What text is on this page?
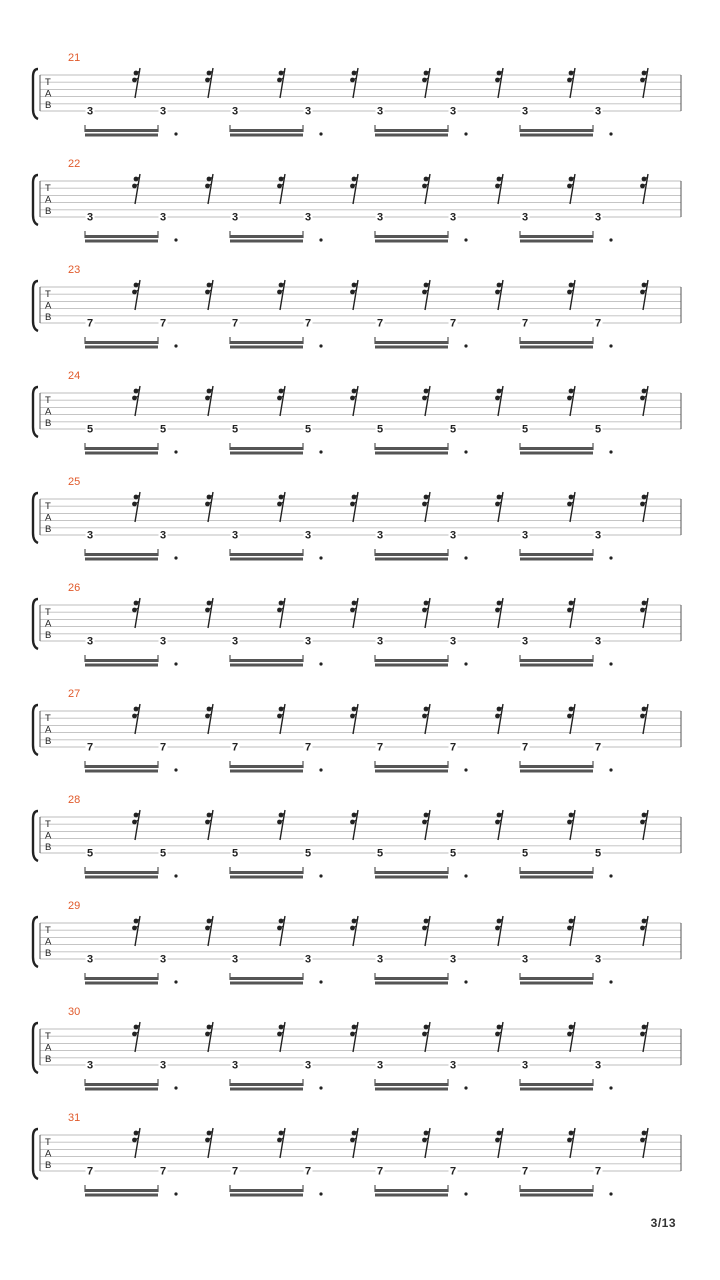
21
T
A
B	3	3	3	3	3	3	3	3
22
T
A
B	3	3	3	3	3	3	3	3
23
T
A
B	7	7	7	7	7	7	7	7
24
T
A
B	5	5	5	5	5	5	5	5
25
T
A
B	3	3	3	3	3	3	3	3
26
T
A
B	3	3	3	3	3	3	3	3
27
T
A
B	7	7	7	7	7	7	7	7
28
T
A
B	5	5	5	5	5	5	5	5
29
T
A
B	3	3	3	3	3	3	3	3
30
T
A
B	3	3	3	3	3	3	3	3
31
T
A
B	7	7	7	7	7	7	7	7
3/13
